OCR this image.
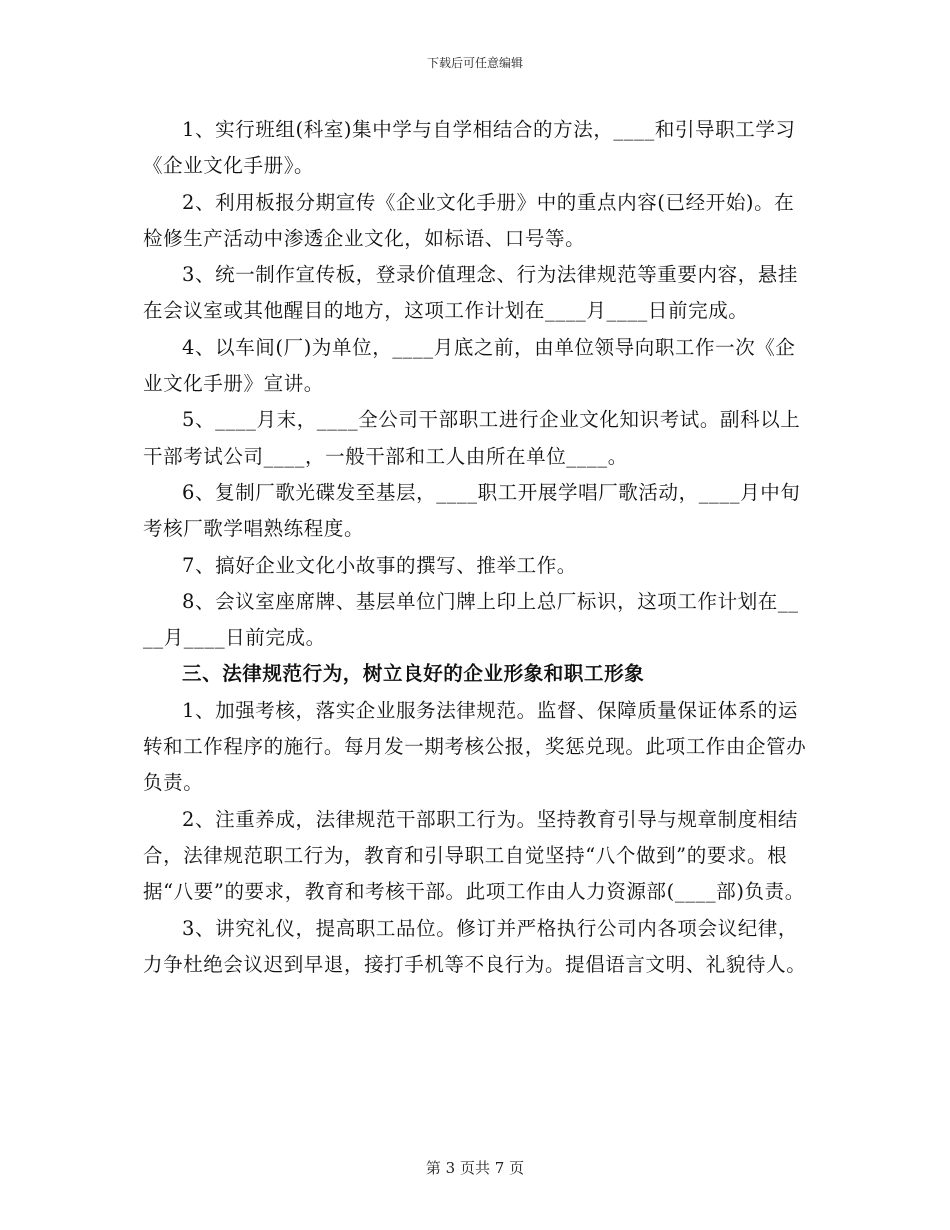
下载后可任意编辑

1、实行班组(科室)集中学与自学相结合的方法，____和引导职工学习《企业文化手册》。

2、利用板报分期宣传《企业文化手册》中的重点内容(已经开始)。在检修生产活动中渗透企业文化，如标语、口号等。

3、统一制作宣传板，登录价值理念、行为法律规范等重要内容，悬挂在会议室或其他醒目的地方，这项工作计划在____月____日前完成。

4、以车间(厂)为单位，____月底之前，由单位领导向职工作一次《企业文化手册》宣讲。

5、____月末，____全公司干部职工进行企业文化知识考试。副科以上干部考试公司____，一般干部和工人由所在单位____。

6、复制厂歌光碟发至基层，____职工开展学唱厂歌活动，____月中旬考核厂歌学唱熟练程度。

7、搞好企业文化小故事的撰写、推举工作。

8、会议室座席牌、基层单位门牌上印上总厂标识，这项工作计划在____月____日前完成。

三、法律规范行为，树立良好的企业形象和职工形象

1、加强考核，落实企业服务法律规范。监督、保障质量保证体系的运转和工作程序的施行。每月发一期考核公报，奖惩兑现。此项工作由企管办负责。

2、注重养成，法律规范干部职工行为。坚持教育引导与规章制度相结合，法律规范职工行为，教育和引导职工自觉坚持“八个做到”的要求。根据“八要”的要求，教育和考核干部。此项工作由人力资源部(____部)负责。

3、讲究礼仪，提高职工品位。修订并严格执行公司内各项会议纪律，力争杜绝会议迟到早退，接打手机等不良行为。提倡语言文明、礼貌待人。

第 3 页共 7 页
